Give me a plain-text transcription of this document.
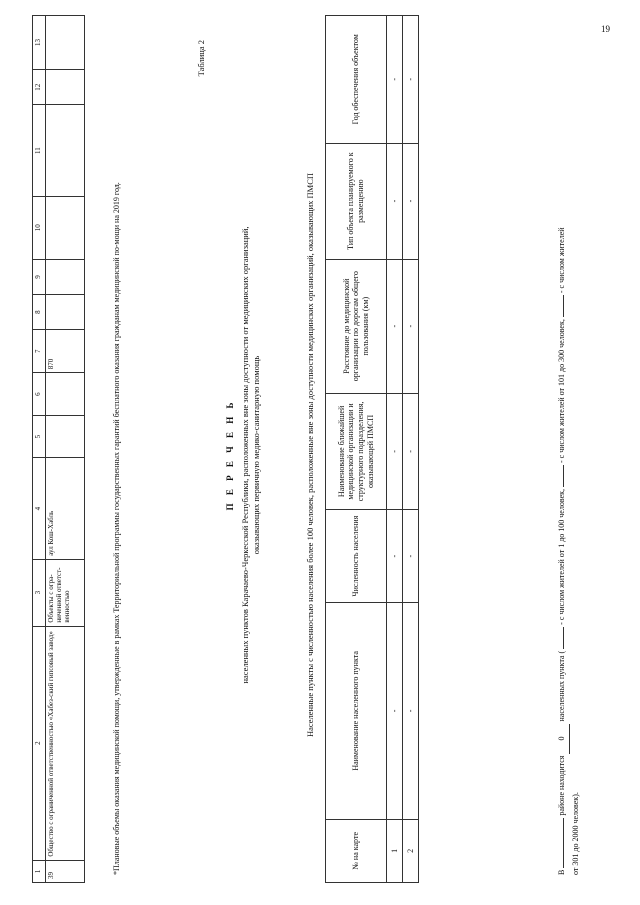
19
1	2	3	4	5	6	7	8	9	10	11	12	13
39	Общество с ограниченной ответственностью «Хабез-ский гипсовый завод»	Объекты с огра-ниченной ответст-венностью	аул Кош-Хабль			870							*Плановые объемы оказания медицинской помощи, утвержденные в рамках Территориальной программы государственных гарантий бесплатного оказания гражданам медицинской по-мощи на 2019 год.
Таблица 2
П Е Р Е Ч Е Н Ь населенных пунктов Карачаево-Черкесской Республики, расположенных вне зоны доступности от медицинских организаций, оказывающих первичную медико-санитарную помощь	Населенные пункты с численностью населения более 100 человек, расположенные вне зоны доступности медицинских организаций, оказывающих ПМСП
№ на карте	Наименование населенного пункта	Численность населения	Наименование ближайшей медицинской организации и структурного подразделения, оказывающей ПМСП	Расстояние до медицинской организации по дорогам общего пользования (км)	Тип объекта планируемого к размещению	Год обеспечения объектом
1	-	-	-	-	-	-
2	-	-	-	-	-	-
В  районе находится 0 населенных пункта (  - с числом жителей от 1 до 100 человек,  - с числом жителей от 101 до 300 человек,  - с числом жителей
от 301 до 2000 человек).
